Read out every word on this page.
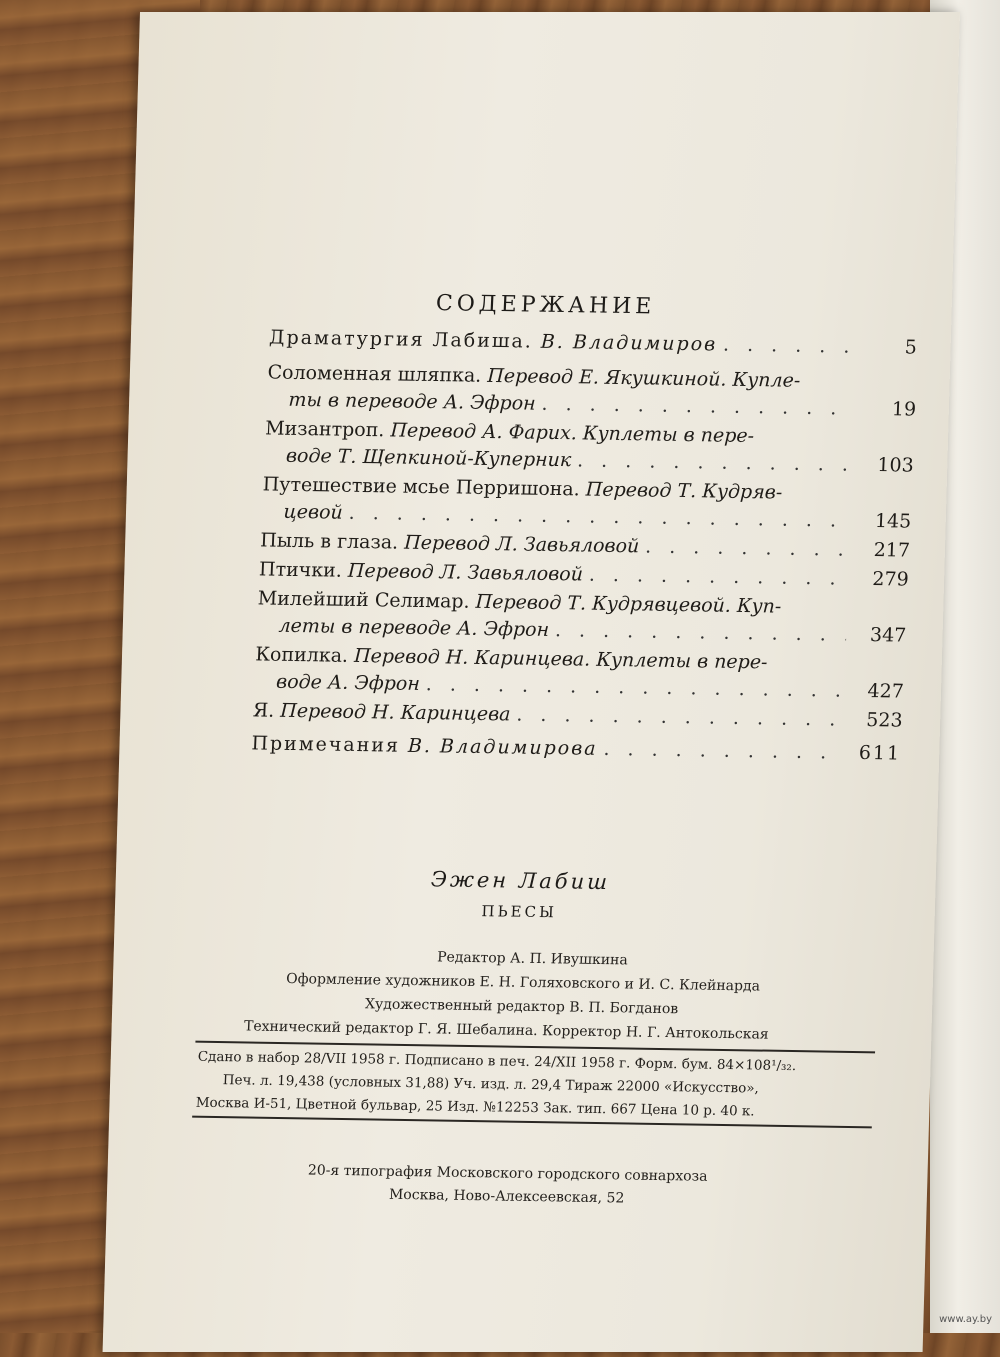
СОДЕРЖАНИЕ
Драматургия Лабиша. В. Владимиров . . .	5
Соломенная шляпка. Перевод Е. Якушкиной. Купле-
ты в переводе А. Эфрон . . .	19
Мизантроп. Перевод А. Фарих. Куплеты в пере-
воде Т. Щепкиной-Куперник . . .	103
Путешествие мсье Перришона. Перевод Т. Кудряв-
цевой . . .	145
Пыль в глаза. Перевод Л. Завьяловой . . .	217
Птички. Перевод Л. Завьяловой . . .	279
Милейший Селимар. Перевод Т. Кудрявцевой. Куп-
леты в переводе А. Эфрон . . .	347
Копилка. Перевод Н. Каринцева. Куплеты в пере-
воде А. Эфрон . . .	427
Я. Перевод Н. Каринцева . . .	523
Примечания В. Владимирова . . .	611
Эжен Лабиш
ПЬЕСЫ
Редактор А. П. Ивушкина
Оформление художников Е. Н. Голяховского и И. С. Клейнарда
Художественный редактор В. П. Богданов
Технический редактор Г. Я. Шебалина. Корректор Н. Г. Антокольская
Сдано в набор 28/VII 1958 г. Подписано в печ. 24/XII 1958 г. Форм. бум. 84×108¹/₃₂.
Печ. л. 19,438 (условных 31,88) Уч. изд. л. 29,4 Тираж 22000 «Искусство»,
Москва И-51, Цветной бульвар, 25 Изд. №12253 Зак. тип. 667 Цена 10 р. 40 к.
20-я типография Московского городского совнархоза
Москва, Ново-Алексеевская, 52
www.ay.by
